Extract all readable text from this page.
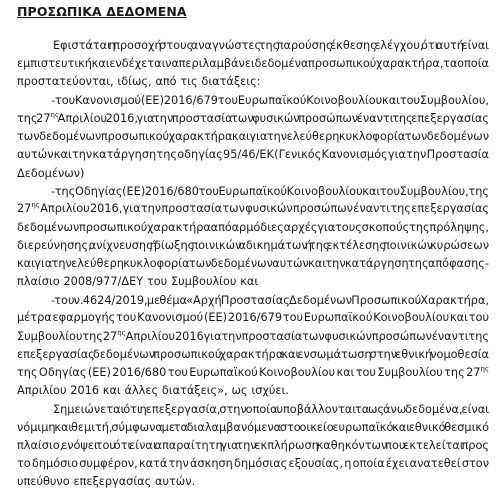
ΠΡΟΣΩΠΙΚΑ ΔΕΔΟΜΕΝΑ
Εφιστάται η προσοχή στους αναγνώστες της παρούσης έκθεσης ελέγχου, ότι αυτή είναι
εμπιστευτική και ενδέχεται να περιλαμβάνει δεδομένα προσωπικού χαρακτήρα, τα οποία
προστατεύονται, ιδίως, από τις διατάξεις:
- του Κανονισμού (ΕΕ) 2016/679 του Ευρωπαϊκού Κοινοβουλίου και του Συμβουλίου,
της $27^{\eta\varsigma}$ Απριλίου 2016, για την προστασία των φυσικών προσώπων έναντι της επεξεργασίας
των δεδομένων προσωπικού χαρακτήρα και για την ελεύθερη κυκλοφορία των δεδομένων
αυτών και την κατάργηση της οδηγίας 95/46/ΕΚ (Γενικός Κανονισμός για την Προστασία
Δεδομένων)
- της Οδηγίας (ΕΕ) 2016/680 του Ευρωπαϊκού Κοινοβουλίου και του Συμβουλίου, της
$27^{\eta\varsigma}$ Απριλίου 2016, για την προστασία των φυσικών προσώπων έναντι της επεξεργασίας
δεδομένων προσωπικού χαρακτήρα από αρμόδιες αρχές για τους σκοπούς της πρόληψης,
διερεύνησης, ανίχνευσης ή δίωξης ποινικών αδικημάτων ή της εκτέλεσης ποινικών κυρώσεων
και για την ελεύθερη κυκλοφορία των δεδομένων αυτών και την κατάργηση της απόφασης-
πλαίσιο 2008/977/ΔΕΥ του Συμβουλίου και
- του ν. 4624/2019, με θέμα «Αρχή Προστασίας Δεδομένων Προσωπικού Χαρακτήρα,
μέτρα εφαρμογής του Κανονισμού (ΕΕ) 2016/679 του Ευρωπαϊκού Κοινοβουλίου και του
Συμβουλίου της $27^{\eta\varsigma}$ Απριλίου 2016 για την προστασία των φυσικών προσώπων έναντι της
επεξεργασίας δεδομένων προσωπικού χαρακτήρα και ενσωμάτωση στην εθνική νομοθεσία
της Οδηγίας (ΕΕ) 2016/680 του Ευρωπαϊκού Κοινοβουλίου και του Συμβουλίου της $27^{\eta\varsigma}$
Απριλίου 2016 και άλλες διατάξεις», ως ισχύει.
Σημειώνεται ότι η επεξεργασία, στην οποία υποβάλλονται τα ως άνω δεδομένα, είναι
νόμιμη και θεμιτή, σύμφωνα με τα διαλαμβανόμενα στο οικείο ευρωπαϊκό και εθνικό θεσμικό
πλαίσιο, ενόψει του ότι είναι απαραίτητη για την εκπλήρωση καθηκόντων που εκτελείται προς
το δημόσιο συμφέρον, κατά την άσκηση δημόσιας εξουσίας, η οποία έχει ανατεθεί στον
υπεύθυνο επεξεργασίας αυτών.
